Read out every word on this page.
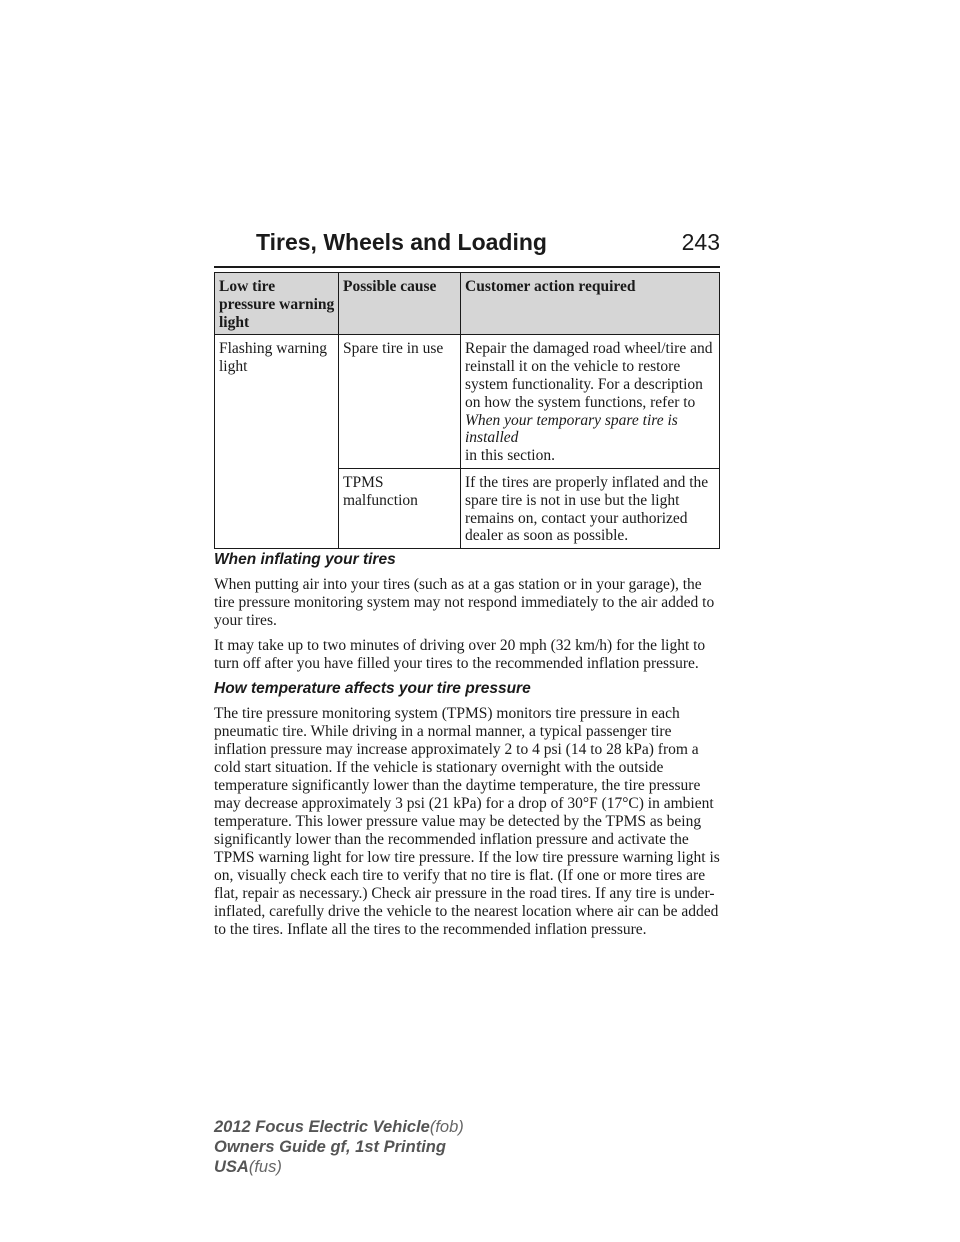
Tires, Wheels and Loading	243
Low tire pressure warning light	Possible cause	Customer action required
Flashing warning light	Spare tire in use	Repair the damaged road wheel/tire and reinstall it on the vehicle to restore system functionality. For a description on how the system functions, refer to When your temporary spare tire is installed
in this section.
	TPMS malfunction	If the tires are properly inflated and the spare tire is not in use but the light remains on, contact your authorized dealer as soon as possible.
When inflating your tires

When putting air into your tires (such as at a gas station or in your garage), the tire pressure monitoring system may not respond immediately to the air added to your tires.

It may take up to two minutes of driving over 20 mph (32 km/h) for the light to turn off after you have filled your tires to the recommended inflation pressure.

How temperature affects your tire pressure

The tire pressure monitoring system (TPMS) monitors tire pressure in each pneumatic tire. While driving in a normal manner, a typical passenger tire inflation pressure may increase approximately 2 to 4 psi (14 to 28 kPa) from a cold start situation. If the vehicle is stationary overnight with the outside temperature significantly lower than the daytime temperature, the tire pressure may decrease approximately 3 psi (21 kPa) for a drop of 30°F (17°C) in ambient temperature. This lower pressure value may be detected by the TPMS as being significantly lower than the recommended inflation pressure and activate the TPMS warning light for low tire pressure. If the low tire pressure warning light is on, visually check each tire to verify that no tire is flat. (If one or more tires are flat, repair as necessary.) Check air pressure in the road tires. If any tire is under-inflated, carefully drive the vehicle to the nearest location where air can be added to the tires. Inflate all the tires to the recommended inflation pressure.

2012 Focus Electric Vehicle(fob)
Owners Guide gf, 1st Printing
USA(fus)
